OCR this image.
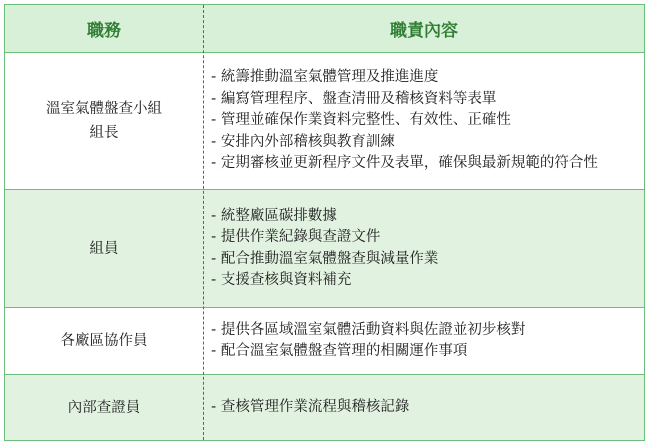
職務	職責內容
溫室氣體盤查小組
組長
- 統籌推動溫室氣體管理及推進進度
- 編寫管理程序、盤查清冊及稽核資料等表單
- 管理並確保作業資料完整性、有效性、正確性
- 安排內外部稽核與教育訓練
- 定期審核並更新程序文件及表單，確保與最新規範的符合性
組員
- 統整廠區碳排數據
- 提供作業紀錄與查證文件
- 配合推動溫室氣體盤查與減量作業
- 支援查核與資料補充
各廠區協作員
- 提供各區域溫室氣體活動資料與佐證並初步核對
- 配合溫室氣體盤查管理的相關運作事項
內部查證員	- 查核管理作業流程與稽核記錄
